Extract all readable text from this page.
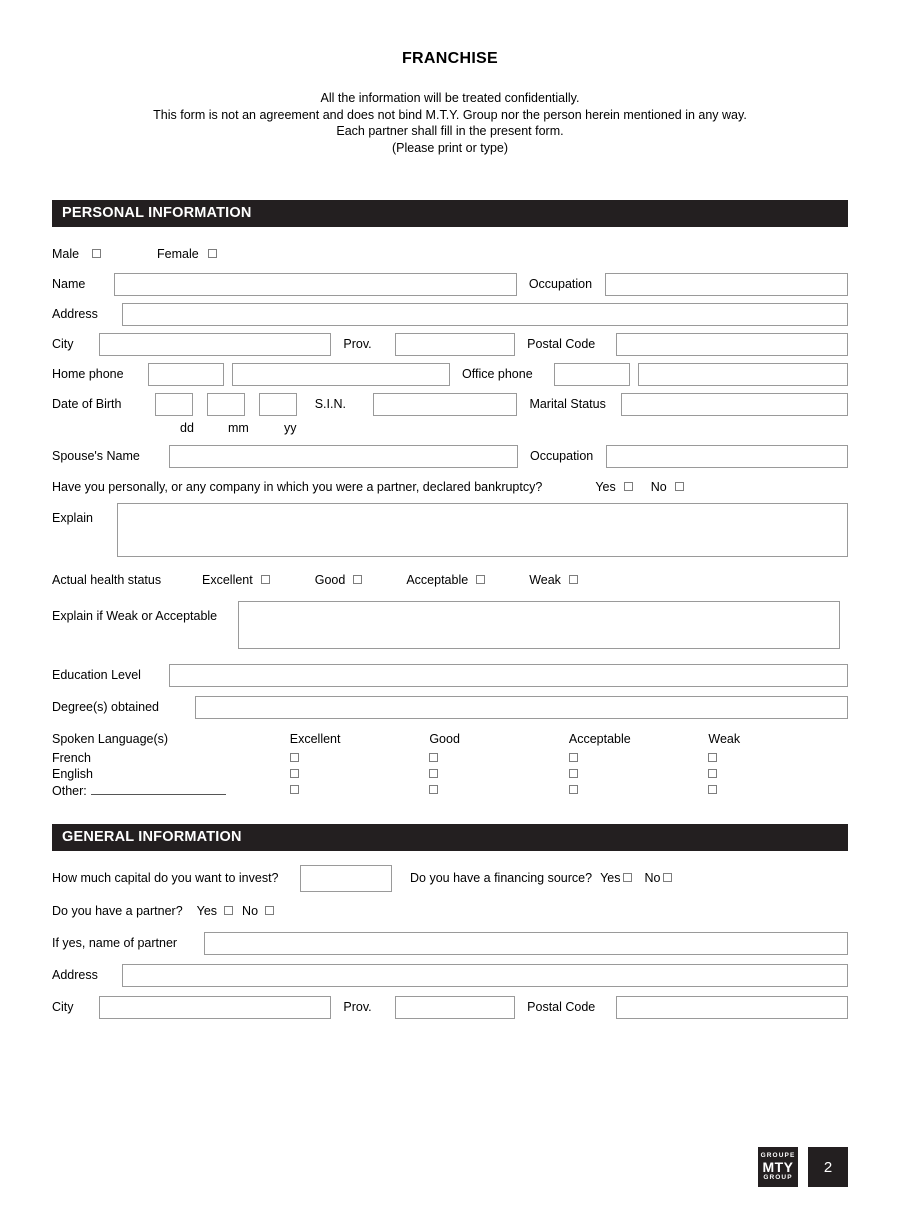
FRANCHISE
All the information will be treated confidentially.
This form is not an agreement and does not bind M.T.Y. Group nor the person herein mentioned in any way.
Each partner shall fill in the present form.
(Please print or type)
PERSONAL INFORMATION
Male	Female
Name	Occupation
Address
City	Prov.	Postal Code
Home phone	Office phone
Date of Birth	S.I.N.	Marital Status
dd	mm	yy
Spouse's Name	Occupation
Have you personally, or any company in which you were a partner, declared bankruptcy?	Yes	No
Explain
Actual health status	Excellent	Good	Acceptable	Weak
Explain if Weak or Acceptable
Education Level
Degree(s) obtained
Spoken Language(s)	Excellent	Good	Acceptable	Weak
French				
English				
Other:				
GENERAL INFORMATION
How much capital do you want to invest?	Do you have a financing source? Yes No
Do you have a partner? Yes No
If yes, name of partner
Address
City	Prov.	Postal Code
GROUPE
MTY
GROUP
2
